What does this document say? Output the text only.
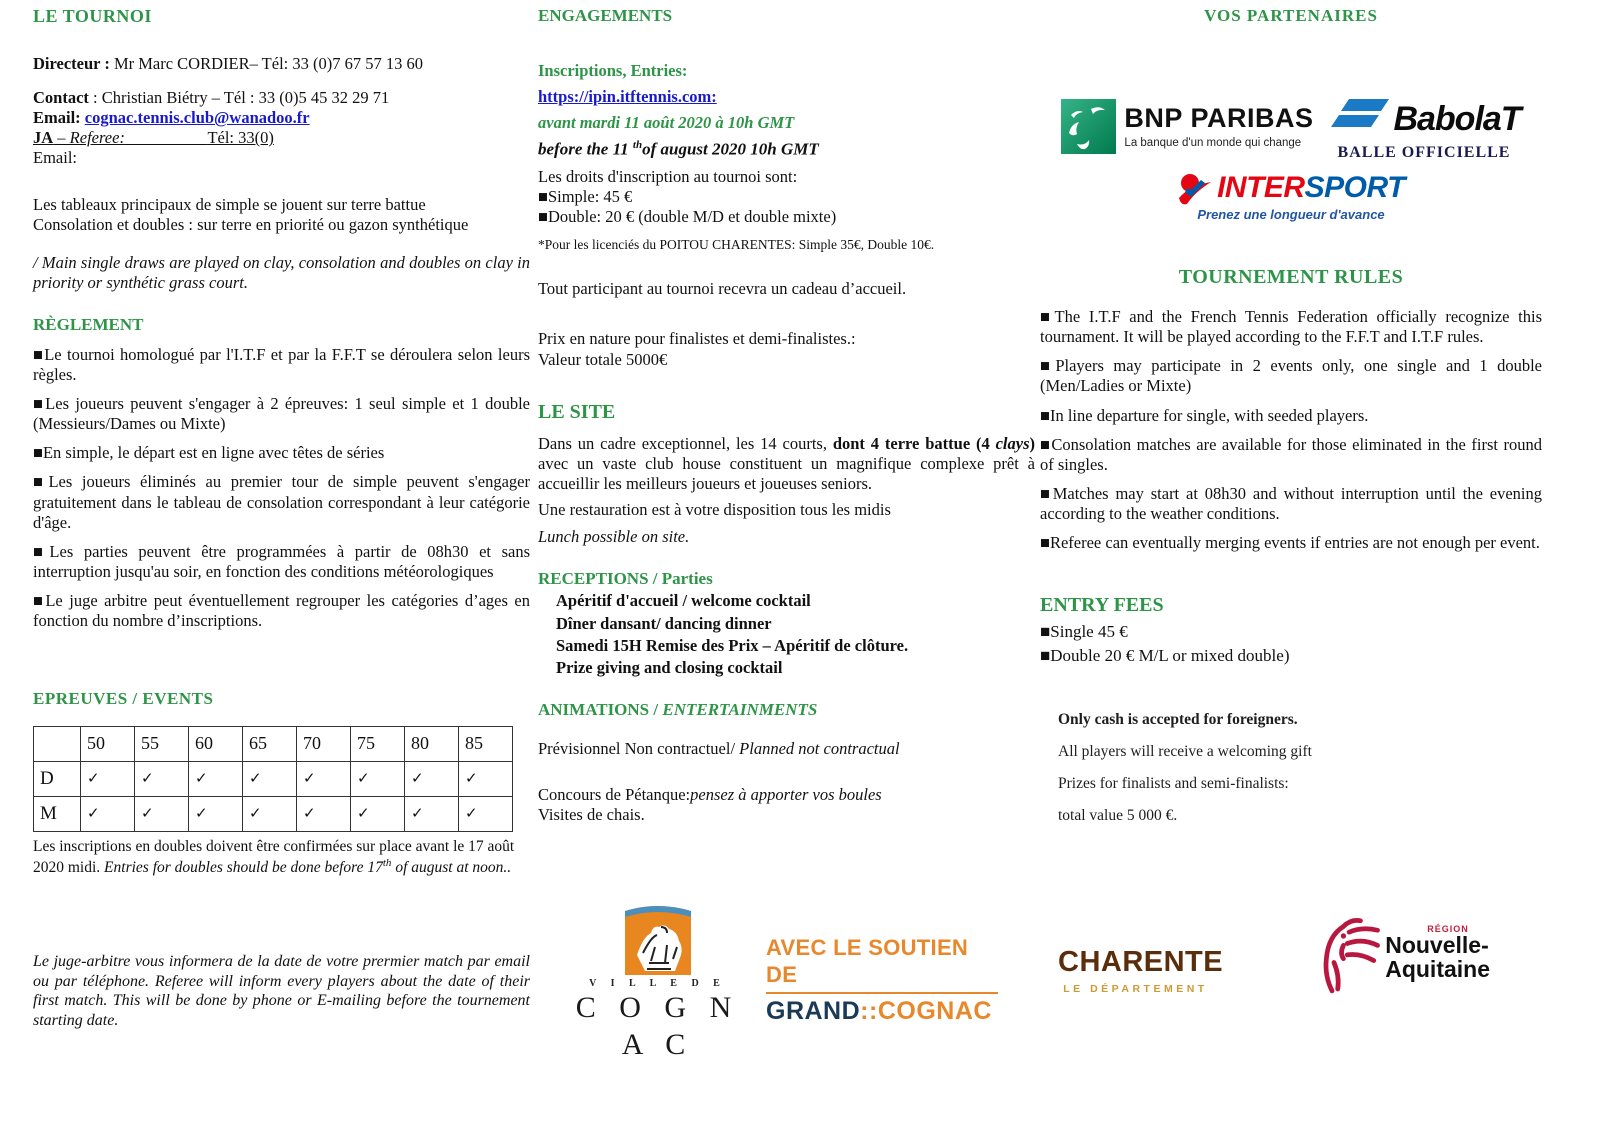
LE TOURNOI

Directeur : Mr Marc CORDIER– Tél: 33 (0)7 67 57 13 60

Contact : Christian Biétry – Tél : 33 (0)5 45 32 29 71

Email: cognac.tennis.club@wanadoo.fr

JA – Referee:	Tél: 33(0)

Email:

Les tableaux principaux de simple se jouent sur terre battue

Consolation et doubles : sur terre en priorité ou gazon synthétique

/ Main single draws are played on clay, consolation and doubles on clay in priority or synthétic grass court.

RÈGLEMENT

■Le tournoi homologué par l'I.T.F et par la F.F.T se déroulera selon leurs règles.

■Les joueurs peuvent s'engager à 2 épreuves: 1 seul simple et 1 double (Messieurs/Dames ou Mixte)

■En simple, le départ est en ligne avec têtes de séries

■Les joueurs éliminés au premier tour de simple peuvent s'engager gratuitement dans le tableau de consolation correspondant à leur catégorie d'âge.

■Les parties peuvent être programmées à partir de 08h30 et sans interruption jusqu'au soir, en fonction des conditions météorologiques

■Le juge arbitre peut éventuellement regrouper les catégories d’ages en fonction du nombre d’inscriptions.

EPREUVES / EVENTS

	50	55	60	65	70	75	80	85
D	✓	✓	✓	✓	✓	✓	✓	✓
M	✓	✓	✓	✓	✓	✓	✓	✓

Les inscriptions en doubles doivent être confirmées sur place avant le 17 août 2020 midi. Entries for doubles should be done before 17th of august at noon..

Le juge-arbitre vous informera de la date de votre prermier match par email ou par téléphone. Referee will inform every players about the date of their first match. This will be done by phone or E-mailing before the tournement starting date.

ENGAGEMENTS

Inscriptions, Entries:

https://ipin.itftennis.com:

avant mardi 11 août 2020 à 10h GMT

before the 11 $^{th}$of august 2020 10h GMT

Les droits d'inscription au tournoi sont:

■Simple: 45 €

■Double: 20 € (double M/D et double mixte)

*Pour les licenciés du POITOU CHARENTES: Simple 35€, Double 10€.

Tout participant au tournoi recevra un cadeau d’accueil.

Prix en nature pour finalistes et demi-finalistes.:

Valeur totale 5000€

LE SITE

Dans un cadre exceptionnel, les 14 courts, dont 4 terre battue (4 clays) avec un vaste club house constituent un magnifique complexe prêt à accueillir les meilleurs joueurs et joueuses seniors.

Une restauration est à votre disposition tous les midis

Lunch possible on site.

RECEPTIONS / Parties

Apéritif d'accueil / welcome cocktail

Dîner dansant/ dancing dinner

Samedi 15H Remise des Prix – Apéritif de clôture.

Prize giving and closing cocktail

ANIMATIONS / ENTERTAINMENTS

Prévisionnel Non contractuel/ Planned not contractual

Concours de Pétanque:pensez à apporter vos boules

Visites de chais.

VOS PARTENAIRES

BNP PARIBAS
La banque d'un monde qui change
BabolaT
BALLE OFFICIELLE
INTERSPORT
Prenez une longueur d'avance

TOURNEMENT RULES

■The I.T.F and the French Tennis Federation officially recognize this tournament. It will be played according to the F.F.T and I.T.F rules.

■Players may participate in 2 events only, one single and 1 double (Men/Ladies or Mixte)

■In line departure for single, with seeded players.

■Consolation matches are available for those eliminated in the first round of singles.

■Matches may start at 08h30 and without interruption until the evening according to the weather conditions.

■Referee can eventually merging events if entries are not enough per event.

ENTRY FEES

■Single 45 €

■Double 20 € M/L or mixed double)

Only cash is accepted for foreigners.

All players will receive a welcoming gift

Prizes for finalists and semi-finalists:

total value 5 000 €.

V I L L E D E
C O G N A C
AVEC LE SOUTIEN DE
GRAND::COGNAC
CHARENTE
LE DÉPARTEMENT
RÉGION
Nouvelle-
Aquitaine
